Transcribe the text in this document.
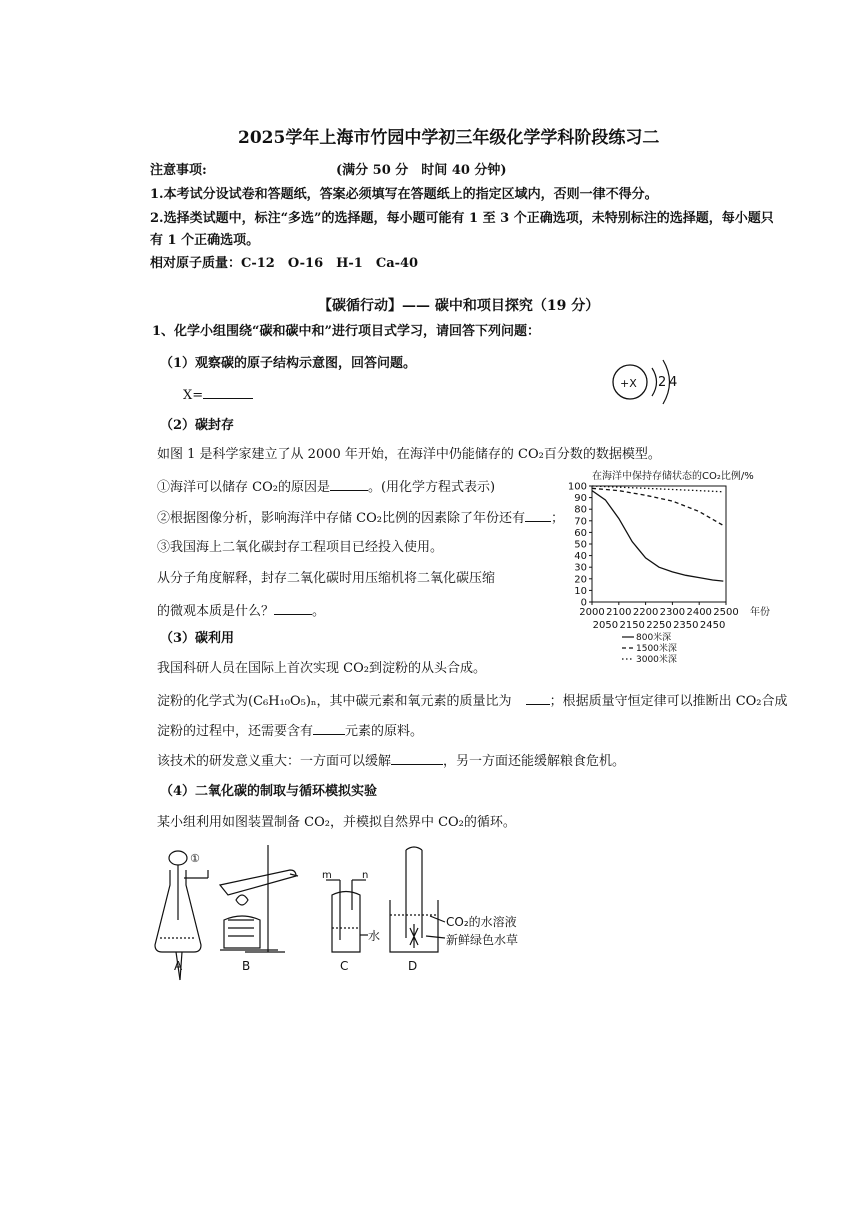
2025学年上海市竹园中学初三年级化学学科阶段练习二
注意事项:	(满分 50 分　时间 40 分钟)
1.本考试分设试卷和答题纸，答案必须填写在答题纸上的指定区域内，否则一律不得分。
2.选择类试题中，标注“多选”的选择题，每小题可能有 1 至 3 个正确选项，未特别标注的选择题，每小题只
有 1 个正确选项。
相对原子质量：C-12　O-16　H-1　Ca-40
【碳循行动】—— 碳中和项目探究（19 分）
1、化学小组围绕“碳和碳中和”进行项目式学习，请回答下列问题：
（1）观察碳的原子结构示意图，回答问题。
X=
+X 2 4
（2）碳封存
如图 1 是科学家建立了从 2000 年开始，在海洋中仍能储存的 CO₂百分数的数据模型。
①海洋可以储存 CO₂的原因是	。(用化学方程式表示)
②根据图像分析，影响海洋中存储 CO₂比例的因素除了年份还有 ；
③我国海上二氧化碳封存工程项目已经投入使用。
从分子角度解释，封存二氧化碳时用压缩机将二氧化碳压缩
的微观本质是什么？	。
在海洋中保持存储状态的CO₂比例/%
0
10
20
30
40
50
60
70
80
90
100
2000 2100 2200 2300 2400 2500
2050 2150 2250 2350 2450
年份
800米深
1500米深
3000米深
（3）碳利用
我国科研人员在国际上首次实现 CO₂到淀粉的从头合成。
淀粉的化学式为(C₆H₁₀O₅)ₙ，其中碳元素和氧元素的质量比为	；根据质量守恒定律可以推断出 CO₂合成
淀粉的过程中，还需要含有 元素的原料。
该技术的研发意义重大：一方面可以缓解	，另一方面还能缓解粮食危机。
（4）二氧化碳的制取与循环模拟实验
某小组利用如图装置制备 CO₂，并模拟自然界中 CO₂的循环。
①
A	B
m	n
水
C
CO₂的水溶液
新鲜绿色水草
D
